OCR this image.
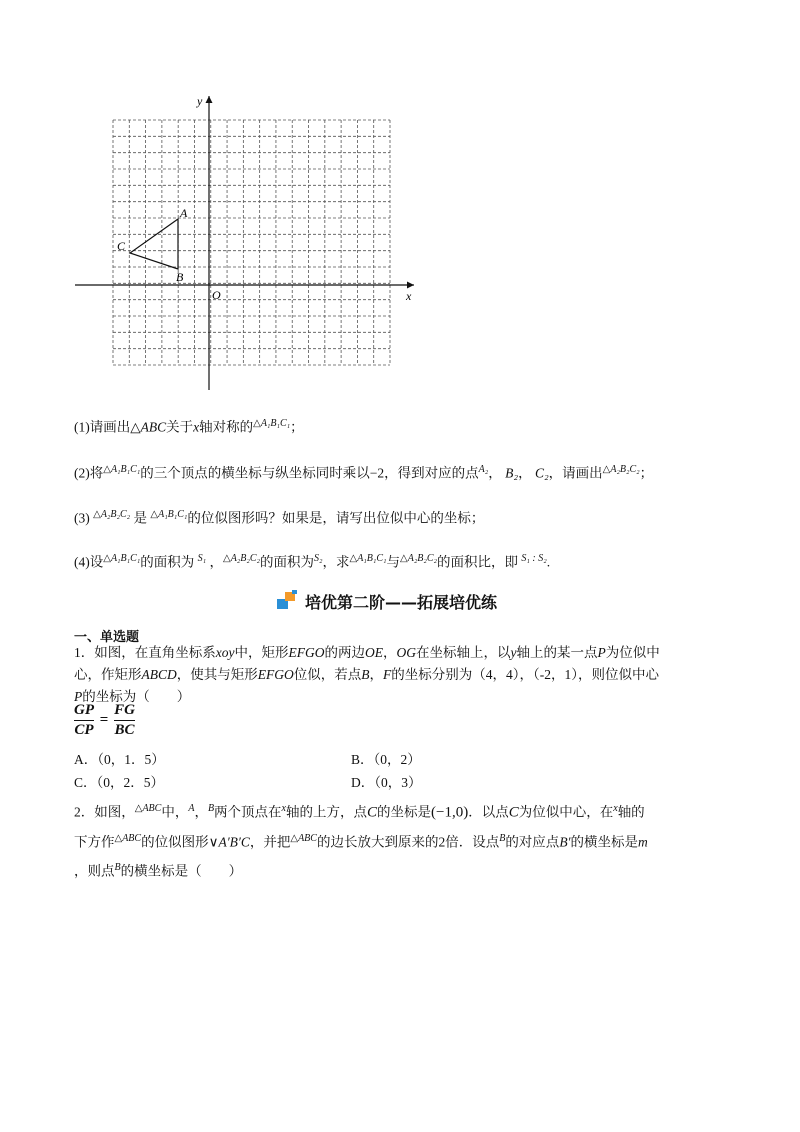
x
y
O
A
B
C
(1)请画出△ABC关于x轴对称的$^{\triangle A_1B_1C_1}$；
(2)将$^{\triangle A_1B_1C_1}$的三个顶点的横坐标与纵坐标同时乘以−2，得到对应的点$^{A_2}$， B₂， C₂，请画出$^{\triangle A_2B_2C_2}$；
(3) $^{\triangle A_2B_2C_2}$ 是 $^{\triangle A_1B_1C_1}$的位似图形吗？如果是，请写出位似中心的坐标；
(4)设$^{\triangle A_1B_1C_1}$的面积为 $^{S_1}$ ，$^{\triangle A_2B_2C_2}$的面积为$^{S_2}$，求$^{\triangle A_1B_1C_1}$与$^{\triangle A_2B_2C_2}$的面积比，即 $^{S_1 : S_2}$.
培优第二阶——拓展培优练
一、单选题
1．如图，在直角坐标系xoy中，矩形EFGO的两边OE，OG在坐标轴上，以y轴上的某一点P为位似中
心，作矩形ABCD，使其与矩形EFGO位似，若点B，F的坐标分别为（4，4），（-2，1），则位似中心
P的坐标为（　　）
$\frac{GP}{CP} = \frac{FG}{BC}$
A．（0，1．5）	B．（0，2）
C．（0，2．5）	D．（0，3）
2．如图，$^{\triangle ABC}$中，$^A$，$^B$两个顶点在$^x$轴的上方，点C的坐标是(−1,0)．以点C为位似中心，在$^x$轴的
下方作$^{\triangle ABC}$的位似图形∨A′B′C，并把$^{\triangle ABC}$的边长放大到原来的2倍．设点$^B$的对应点B′的横坐标是m
，则点$^B$的横坐标是（　　）
